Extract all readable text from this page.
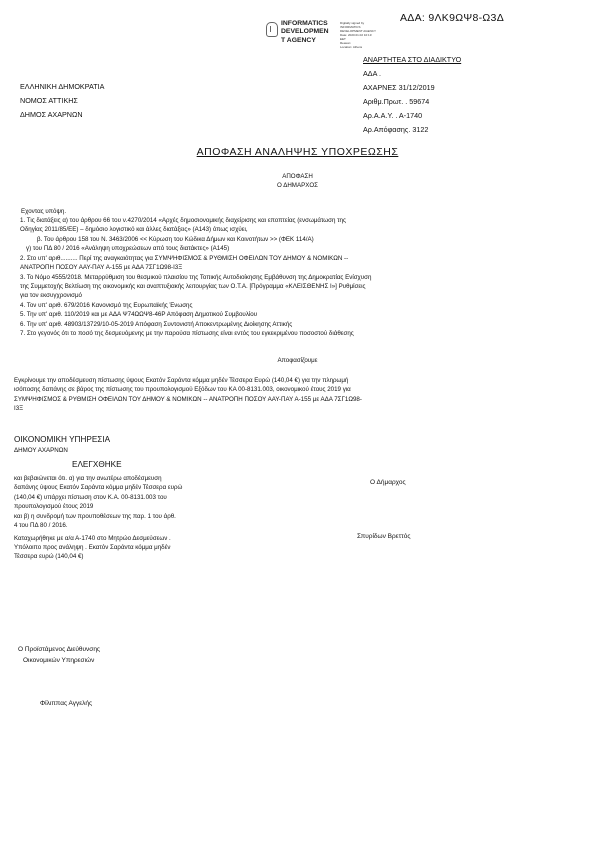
ΑΔΑ: 9ΛΚ9ΩΨ8-Ω3Δ
INFORMATICS
DEVELOPMEN
T AGENCY
Digitally signed by
INFORMATICS
DEVELOPMENT AGENCY
Date: 2020.01.02 10:13:
EET
Reason:
Location: Athens
ΑΝΑΡΤΗΤΕΑ ΣΤΟ ΔΙΑΔΙΚΤΥΟ
ΑΔΑ .
ΑΧΑΡΝΕΣ 31/12/2019
Αριθμ.Πρωτ. . 59674
Αρ.Α.Α.Υ. . Α-1740
Αρ.Απόφασης. 3122
ΕΛΛΗΝΙΚΗ ΔΗΜΟΚΡΑΤΙΑ
ΝΟΜΟΣ ΑΤΤΙΚΗΣ
ΔΗΜΟΣ ΑΧΑΡΝΩΝ
ΑΠΟΦΑΣΗ ΑΝΑΛΗΨΗΣ ΥΠΟΧΡΕΩΣΗΣ
ΑΠΟΦΑΣΗ
Ο ΔΗΜΑΡΧΟΣ
Εχοντας υπόψη.
1. Τις διατάξεις α) του άρθρου 66 του ν.4270/2014 «Αρχές δημοσιονομικής διαχείρισης και εποπτείας (ενσωμάτωση της
Οδηγίας 2011/85/ΕΕ) – δημόσιο λογιστικό και άλλες διατάξεις» (Α143) όπως ισχύει,
β. Του άρθρου 158 του Ν. 3463/2006 << Κύρωση του Κώδικα Δήμων και Κοινοτήτων >> (ΦΕΚ 114/Α)
γ) του ΠΔ 80 / 2016 «Ανάληψη υποχρεώσεων από τους διατάκτες» (Α145)
2. Στο υπ' αριθ.......... Περί της αναγκαιότητας για ΣΥΜΨΗΦΙΣΜΟΣ & ΡΥΘΜΙΣΗ ΟΦΕΙΛΩΝ ΤΟΥ ΔΗΜΟΥ & ΝΟΜΙΚΩΝ --
ΑΝΑΤΡΟΠΗ ΠΟΣΟΥ ΑΑΥ-ΠΑΥ Α-155 με ΑΔΑ 7ΣΓ1Ω98-Ι3Ξ
3. Το Νόμο 4555/2018. Μεταρρύθμιση του θεσμικού πλαισίου της Τοπικής Αυτοδιοίκησης Εμβάθυνση της Δημοκρατίας Ενίσχυση
της Συμμετοχής Βελτίωση της οικονομικής και αναπτυξιακής λειτουργίας των Ο.Τ.Α. [Πρόγραμμα «ΚΛΕΙΣΘΕΝΗΣ Ι»] Ρυθμίσεις
για τον εκσυγχρονισμό
4. Τον υπ' αριθ. 679/2016 Κανονισμό της Ευρωπαϊκής Ένωσης
5. Την υπ' αριθ. 110/2019 και με ΑΔΑ Ψ74ΩΩΨ8-46Ρ Απόφαση Δημοτικού Συμβουλίου
6. Την υπ' αριθ. 48903/13729/10-05-2019 Απόφαση Συντονιστή Αποκεντρωμένης Διοίκησης Αττικής
7. Στο γεγονός ότι το ποσό της δεσμευόμενης με την παρούσα πίστωσης είναι εντός του εγκεκριμένου ποσοστού διάθεσης
Αποφασίζουμε
Εγκρίνουμε την αποδέσμευση πίστωσης ύψους Εκατόν Σαράντα κόμμα μηδέν Τέσσερα Ευρώ (140,04 €) για την πληρωμή
ισόποσης δαπάνης σε βάρος της πίστωσης του προυπολογισμού Εξόδων του ΚΑ 00-8131.003, οικονομικού έτους 2019 για
ΣΥΜΨΗΦΙΣΜΟΣ & ΡΥΘΜΙΣΗ ΟΦΕΙΛΩΝ ΤΟΥ ΔΗΜΟΥ & ΝΟΜΙΚΩΝ -- ΑΝΑΤΡΟΠΗ ΠΟΣΟΥ ΑΑΥ-ΠΑΥ Α-155 με ΑΔΑ 7ΣΓ1Ω98-
Ι3Ξ
ΟΙΚΟΝΟΜΙΚΗ ΥΠΗΡΕΣΙΑ
ΔΗΜΟΥ ΑΧΑΡΝΩΝ
ΕΛΕΓΧΘΗΚΕ
και βεβαιώνεται ότι. α) για την ανωτέρω αποδέσμευση
δαπάνης ύψους Εκατόν Σαράντα κόμμα μηδέν Τέσσερα ευρώ
(140,04 €) υπάρχει πίστωση στον Κ.Α. 00-8131.003 του
προυπολογισμού έτους 2019
και β) η συνδρομή των προυποθέσεων της παρ. 1 του άρθ.
4 του ΠΔ 80 / 2016.
Καταχωρήθηκε με α/α Α-1740 στο Μητρώο Δεσμεύσεων .
Υπόλοιπο προς ανάληψη . Εκατόν Σαράντα κόμμα μηδέν
Τέσσερα ευρώ (140,04 €)
Ο Δήμαρχος
Σπυρίδων Βρεττός
Ο Προϊστάμενος Διεύθυνσης
Οικονομικών Υπηρεσιών
Φίλιππας Αγγελής
